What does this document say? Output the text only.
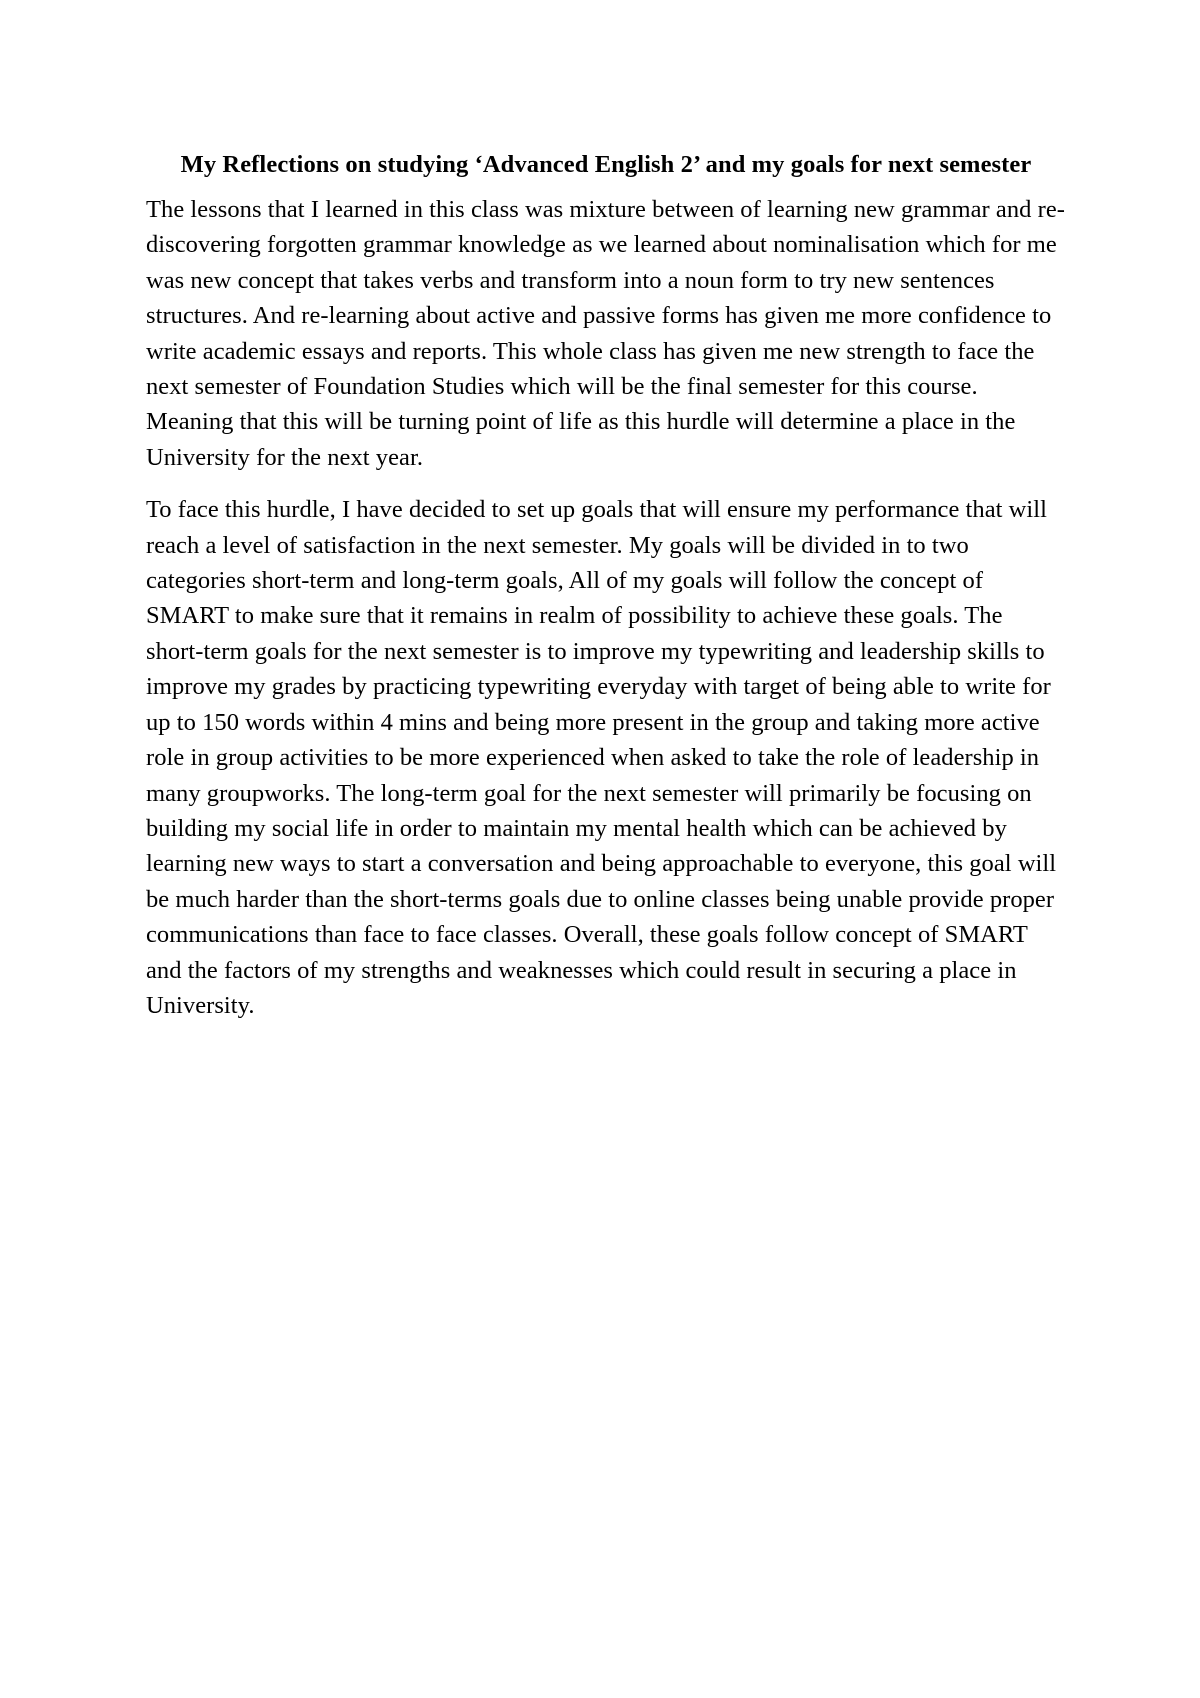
My Reflections on studying ‘Advanced English 2’ and my goals for next semester

The lessons that I learned in this class was mixture between of learning new grammar and re-discovering forgotten grammar knowledge as we learned about nominalisation which for me was new concept that takes verbs and transform into a noun form to try new sentences structures. And re-learning about active and passive forms has given me more confidence to write academic essays and reports. This whole class has given me new strength to face the next semester of Foundation Studies which will be the final semester for this course. Meaning that this will be turning point of life as this hurdle will determine a place in the University for the next year.

To face this hurdle, I have decided to set up goals that will ensure my performance that will reach a level of satisfaction in the next semester. My goals will be divided in to two categories short-term and long-term goals, All of my goals will follow the concept of SMART to make sure that it remains in realm of possibility to achieve these goals. The short-term goals for the next semester is to improve my typewriting and leadership skills to improve my grades by practicing typewriting everyday with target of being able to write for up to 150 words within 4 mins and being more present in the group and taking more active role in group activities to be more experienced when asked to take the role of leadership in many groupworks. The long-term goal for the next semester will primarily be focusing on building my social life in order to maintain my mental health which can be achieved by learning new ways to start a conversation and being approachable to everyone, this goal will be much harder than the short-terms goals due to online classes being unable provide proper communications than face to face classes. Overall, these goals follow concept of SMART and the factors of my strengths and weaknesses which could result in securing a place in University.
